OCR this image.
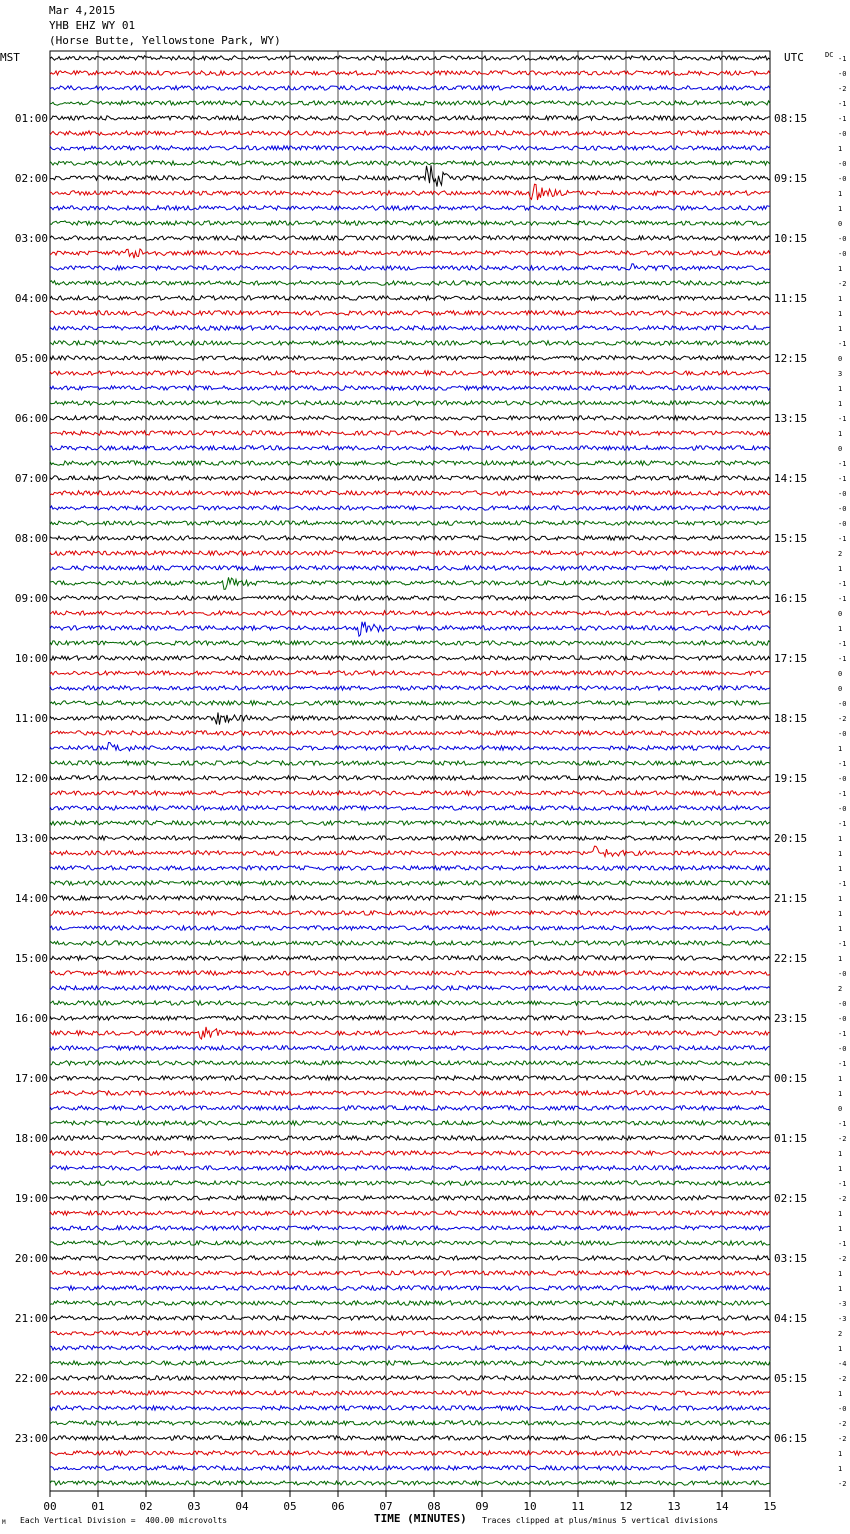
Mar 4,2015
YHB EHZ WY 01
(Horse Butte, Yellowstone Park, WY)
MST	UTC	DC
00	01	02	03	04	05	06	07	08	09	10	11	12	13	14	15
-1
-0
-2
-1
-1
-0
1
-0
-0
1
1
0
-0
-0
1
-2
1
1
1
-1
0
3
1
1
-1
1
0
-1
-1
-0
-0
-0
-1
2
1
-1
-1
0
1
-1
-1
0
0
-0
-2
-0
1
-1
-0
-1
-0
-1
1
1
1
-1
1
1
1
-1
1
-0
2
-0
-0
-1
-0
-1
1
1
0
-1
-2
1
1
-1
-2
1
1
-1
-2
1
1
-3
-3
2
1
-4
-2
1
-0
-2
-2
1
1
-2
01:00	08:15
02:00	09:15
03:00	10:15
04:00	11:15
05:00	12:15
06:00	13:15
07:00	14:15
08:00	15:15
09:00	16:15
10:00	17:15
11:00	18:15
12:00	19:15
13:00	20:15
14:00	21:15
15:00	22:15
16:00	23:15
17:00	00:15
18:00	01:15
19:00	02:15
20:00	03:15
21:00	04:15
22:00	05:15
23:00	06:15
TIME (MINUTES)
Each Vertical Division =  400.00 microvolts	Traces clipped at plus/minus 5 vertical divisions
M
